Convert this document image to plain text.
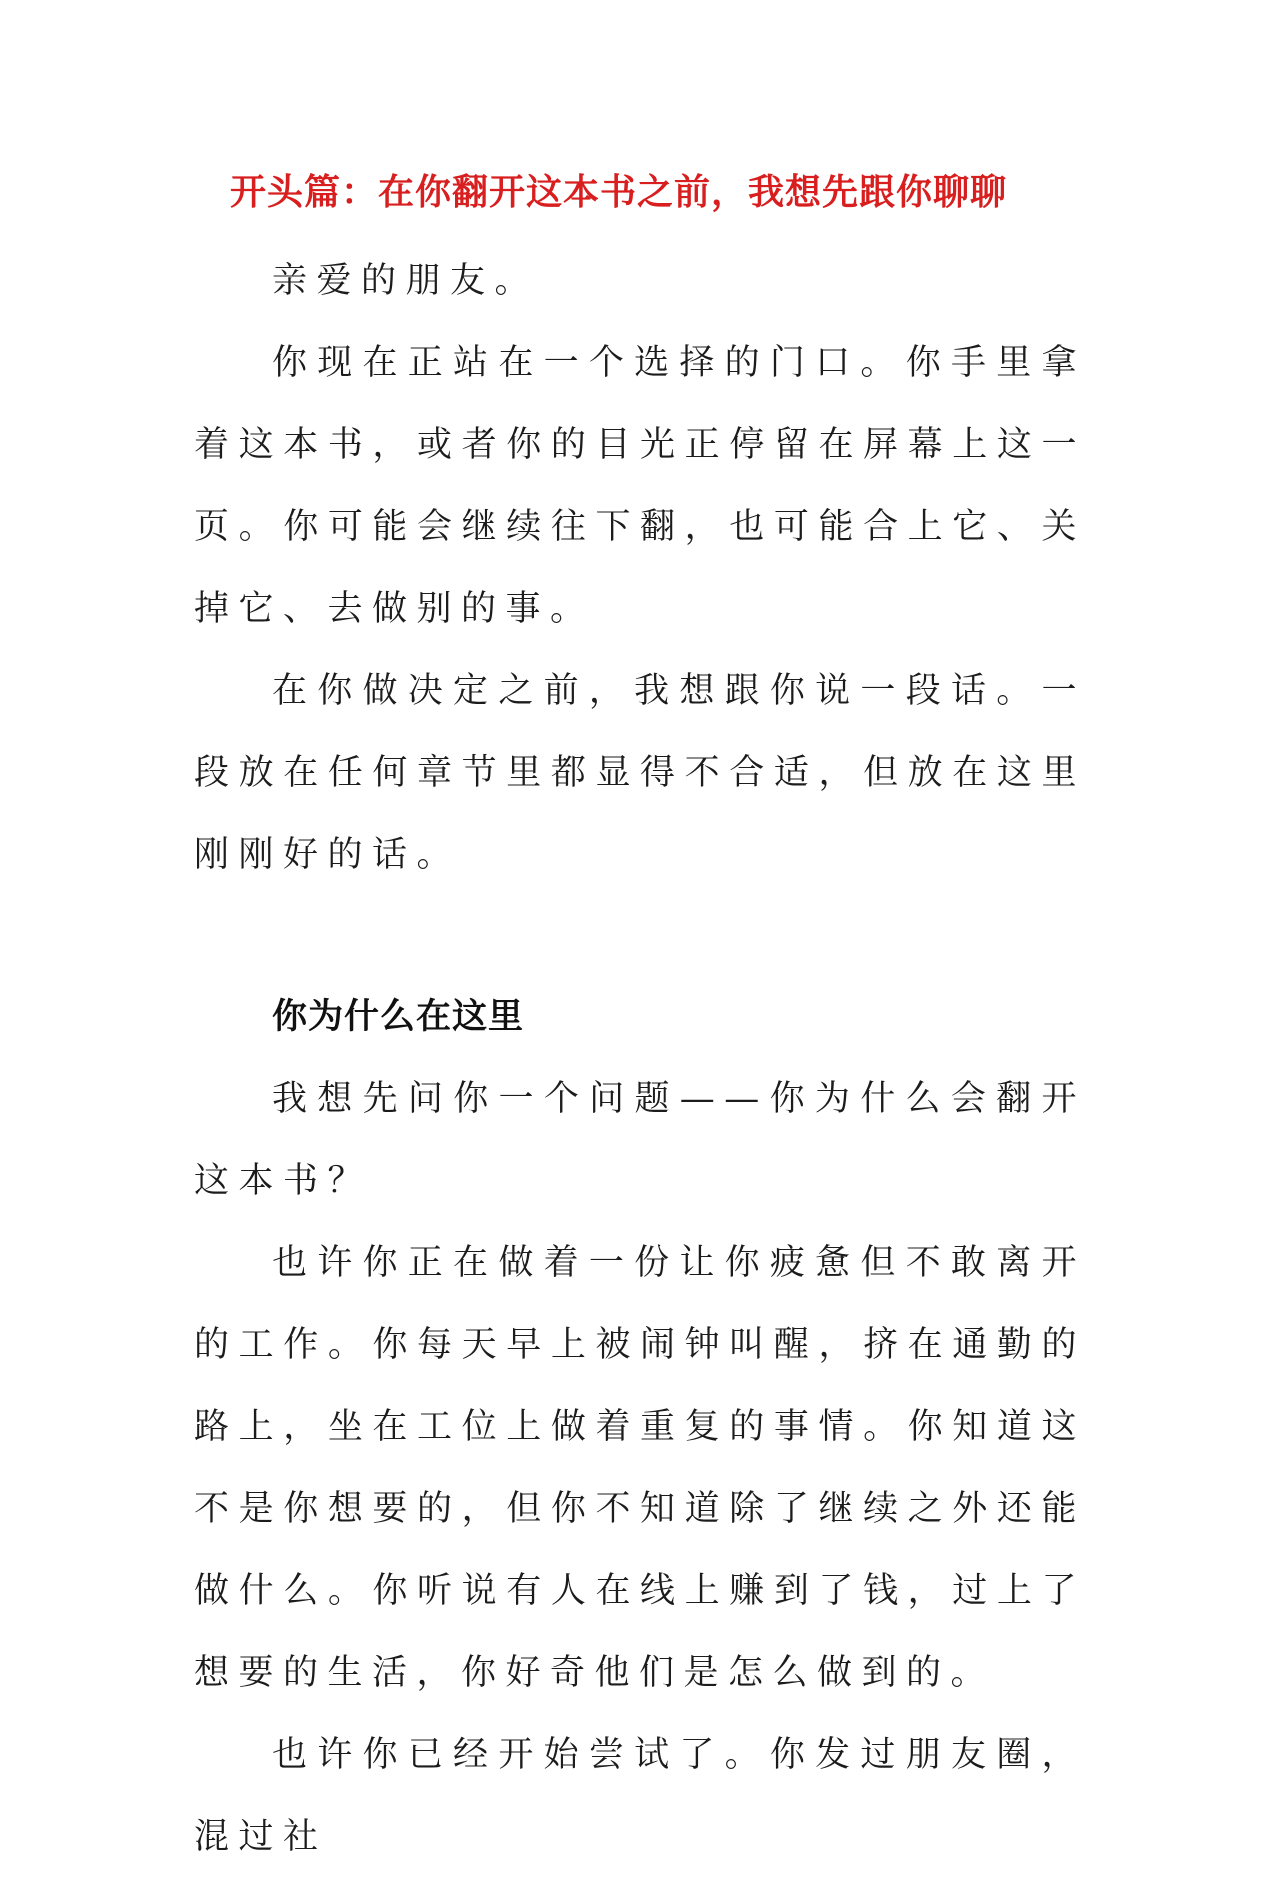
开头篇：在你翻开这本书之前，我想先跟你聊聊

亲爱的朋友。

你现在正站在一个选择的门口。你手里拿着这本书，或者你的目光正停留在屏幕上这一页。你可能会继续往下翻，也可能合上它、关掉它、去做别的事。

在你做决定之前，我想跟你说一段话。一段放在任何章节里都显得不合适，但放在这里刚刚好的话。

你为什么在这里

我想先问你一个问题——你为什么会翻开这本书？

也许你正在做着一份让你疲惫但不敢离开的工作。你每天早上被闹钟叫醒，挤在通勤的路上，坐在工位上做着重复的事情。你知道这不是你想要的，但你不知道除了继续之外还能做什么。你听说有人在线上赚到了钱，过上了想要的生活，你好奇他们是怎么做到的。

也许你已经开始尝试了。你发过朋友圈，混过社
